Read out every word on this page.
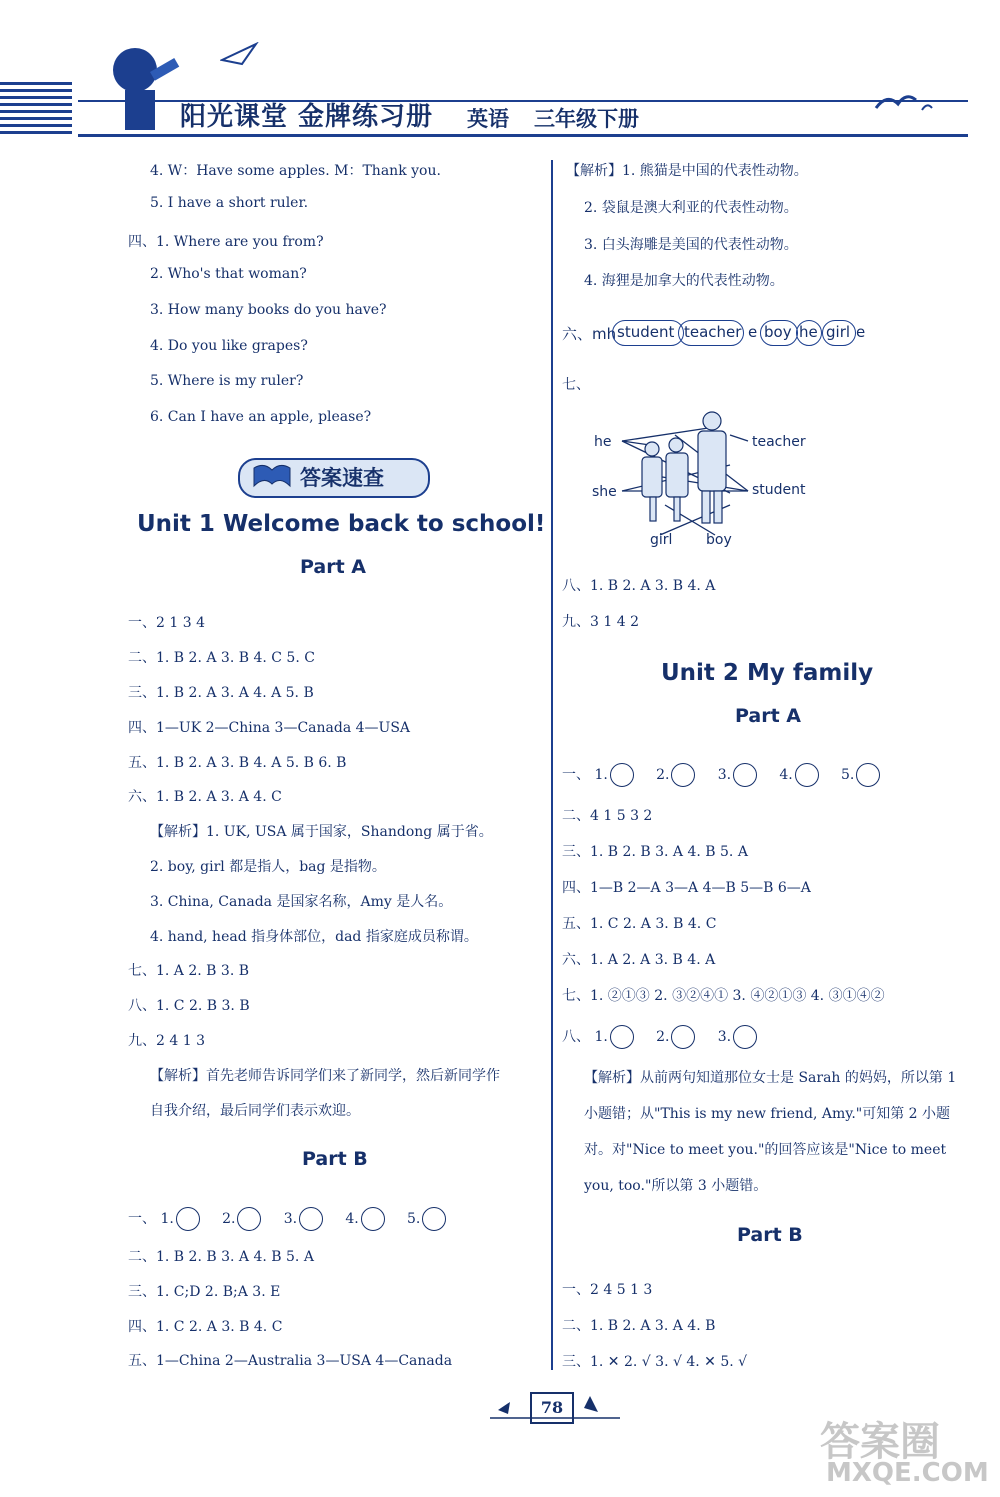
阳光课堂 金牌练习册 英语 三年级下册
4. W：Have some apples. M：Thank you.
5. I have a short ruler.
四、1. Where are you from?
2. Who's that woman?
3. How many books do you have?
4. Do you like grapes?
5. Where is my ruler?
6. Can I have an apple, please?
答案速查
Unit 1 Welcome back to school!
Part A
一、2 1 3 4
二、1. B 2. A 3. B 4. C 5. C
三、1. B 2. A 3. A 4. A 5. B
四、1—UK 2—China 3—Canada 4—USA
五、1. B 2. A 3. B 4. A 5. B 6. B
六、1. B 2. A 3. A 4. C
【解析】1. UK, USA 属于国家，Shandong 属于省。
2. boy, girl 都是指人，bag 是指物。
3. China, Canada 是国家名称，Amy 是人名。
4. hand, head 指身体部位，dad 指家庭成员称谓。
七、1. A 2. B 3. B
八、1. C 2. B 3. B
九、2 4 1 3
【解析】首先老师告诉同学们来了新同学，然后新同学作
自我介绍，最后同学们表示欢迎。
Part B
一、 1.	2.	3.	4.	5.
二、1. B 2. B 3. A 4. B 5. A
三、1. C;D 2. B;A 3. E
四、1. C 2. A 3. B 4. C
五、1—China 2—Australia 3—USA 4—Canada
【解析】1. 熊猫是中国的代表性动物。
2. 袋鼠是澳大利亚的代表性动物。
3. 白头海雕是美国的代表性动物。
4. 海狸是加拿大的代表性动物。
六、mh student teacher e boy he girl e
七、
he
she
teacher
student
girl boy
八、1. B 2. A 3. B 4. A
九、3 1 4 2
Unit 2 My family
Part A
一、 1.	2.	3.	4.	5.
二、4 1 5 3 2
三、1. B 2. B 3. A 4. B 5. A
四、1—B 2—A 3—A 4—B 5—B 6—A
五、1. C 2. A 3. B 4. C
六、1. A 2. A 3. B 4. A
七、1. ②①③ 2. ③②④① 3. ④②①③ 4. ③①④②
八、 1.	2.	3.
【解析】从前两句知道那位女士是 Sarah 的妈妈，所以第 1
小题错；从"This is my new friend, Amy."可知第 2 小题
对。对"Nice to meet you."的回答应该是"Nice to meet
you, too."所以第 3 小题错。
Part B
一、2 4 5 1 3
二、1. B 2. A 3. A 4. B
三、1. ✕ 2. √ 3. √ 4. ✕ 5. √
78
答案圈
MXQE.COM
